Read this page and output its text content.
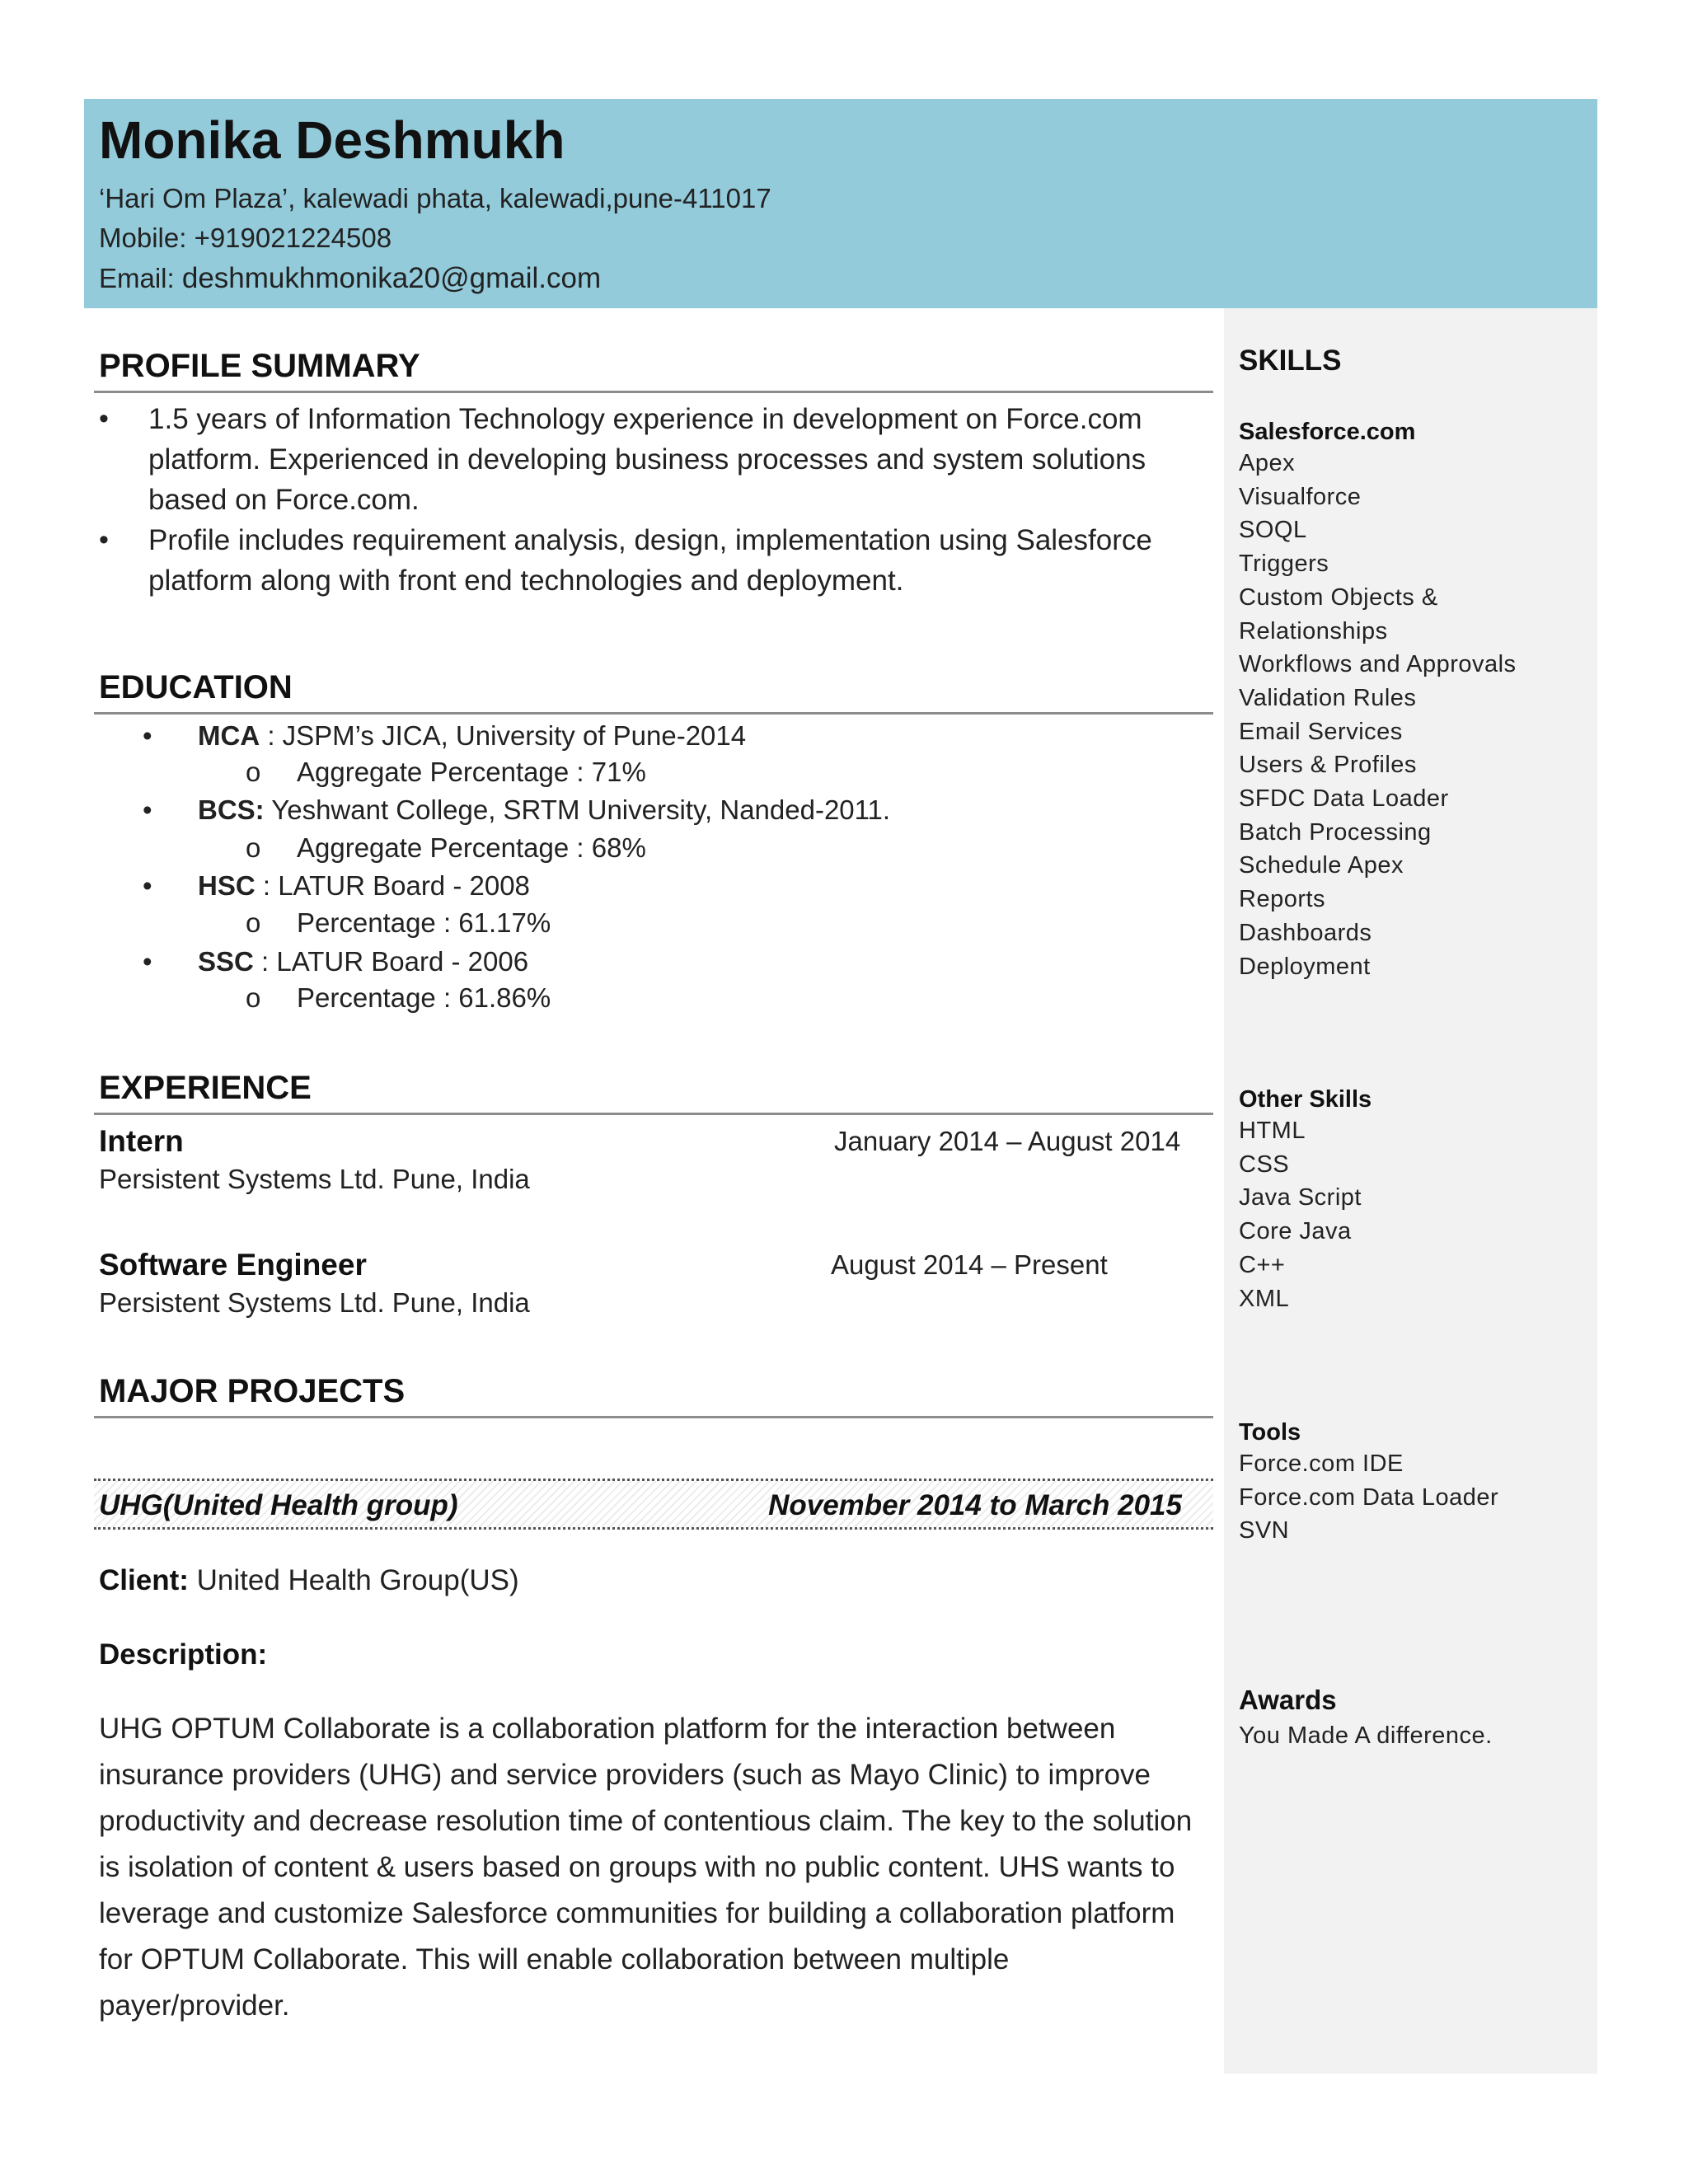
Monika Deshmukh
‘Hari Om Plaza’, kalewadi phata, kalewadi,pune-411017
Mobile: +919021224508
Email: deshmukhmonika20@gmail.com
PROFILE SUMMARY
• 1.5 years of Information Technology experience in development on Force.com platform. Experienced in developing business processes and system solutions based on Force.com.
• Profile includes requirement analysis, design, implementation using Salesforce platform along with front end technologies and deployment.
EDUCATION
• MCA : JSPM’s JICA, University of Pune-2014
o Aggregate Percentage : 71%
• BCS: Yeshwant College, SRTM University, Nanded-2011.
o Aggregate Percentage : 68%
• HSC : LATUR Board - 2008
o Percentage : 61.17%
• SSC : LATUR Board - 2006
o Percentage : 61.86%
EXPERIENCE
Intern	January 2014 – August 2014
Persistent Systems Ltd. Pune, India
Software Engineer	August 2014 – Present
Persistent Systems Ltd. Pune, India
MAJOR PROJECTS
UHG(United Health group)	November 2014 to March 2015
Client: United Health Group(US)
Description:

UHG OPTUM Collaborate is a collaboration platform for the interaction between insurance providers (UHG) and service providers (such as Mayo Clinic) to improve productivity and decrease resolution time of contentious claim. The key to the solution is isolation of content & users based on groups with no public content. UHS wants to leverage and customize Salesforce communities for building a collaboration platform for OPTUM Collaborate. This will enable collaboration between multiple payer/provider.

SKILLS
Salesforce.com
Apex
Visualforce
SOQL
Triggers
Custom Objects &
Relationships
Workflows and Approvals
Validation Rules
Email Services
Users & Profiles
SFDC Data Loader
Batch Processing
Schedule Apex
Reports
Dashboards
Deployment
Other Skills
HTML
CSS
Java Script
Core Java
C++
XML
Tools
Force.com IDE
Force.com Data Loader
SVN
Awards
You Made A difference.
